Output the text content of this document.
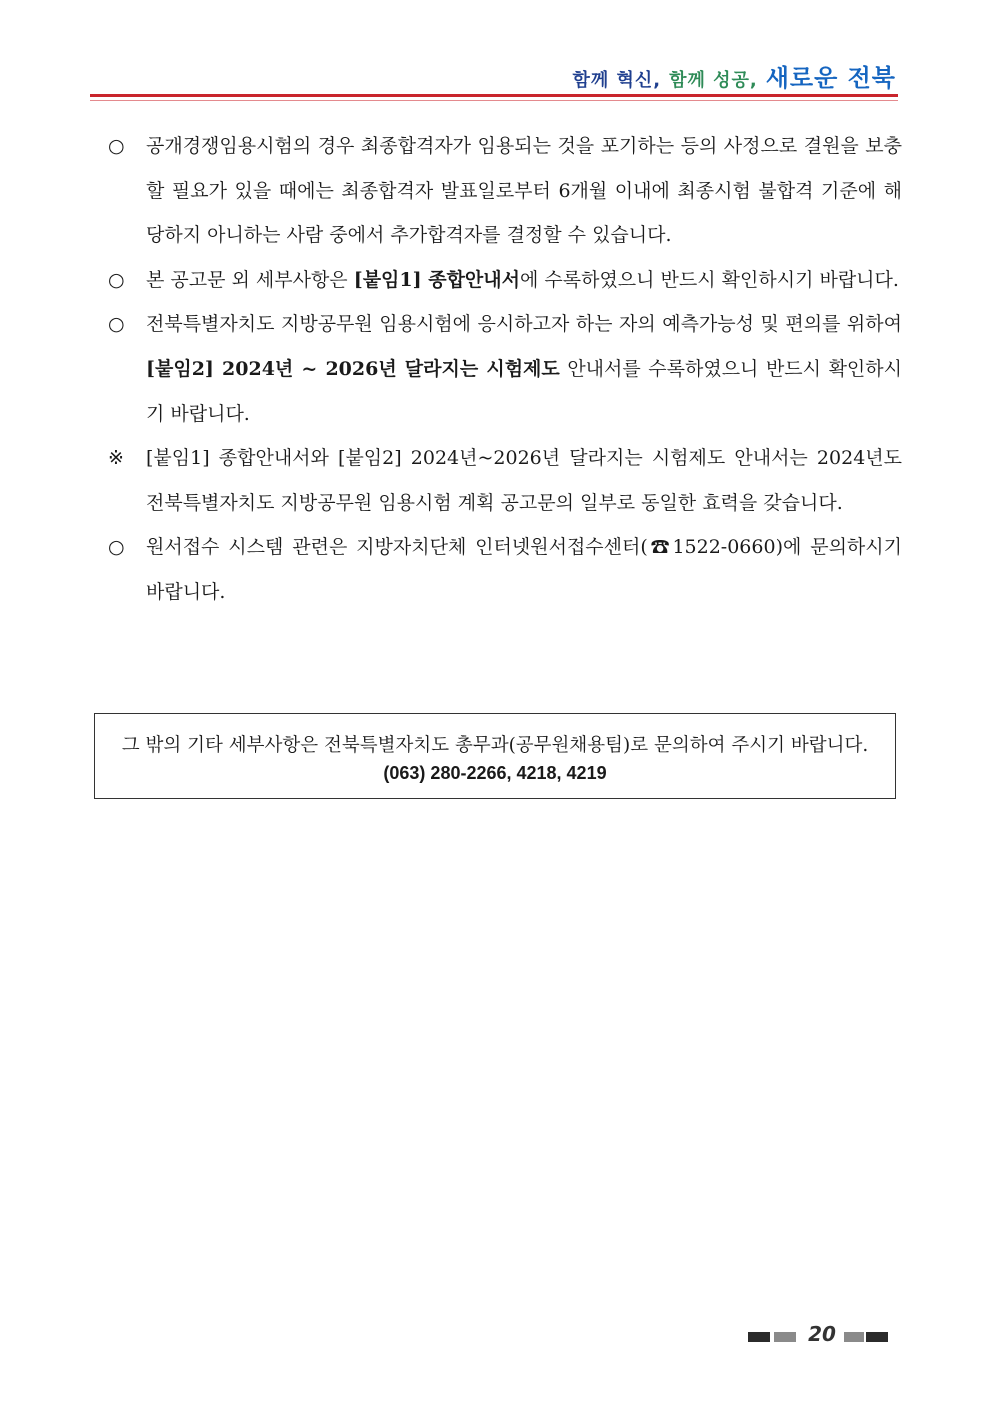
함께 혁신, 함께 성공, 새로운 전북
○	공개경쟁임용시험의 경우 최종합격자가 임용되는 것을 포기하는 등의 사정으로 결원을 보충할 필요가 있을 때에는 최종합격자 발표일로부터 6개월 이내에 최종시험 불합격 기준에 해당하지 아니하는 사람 중에서 추가합격자를 결정할 수 있습니다.
○	본 공고문 외 세부사항은 [붙임1] 종합안내서에 수록하였으니 반드시 확인하시기 바랍니다.
○	전북특별자치도 지방공무원 임용시험에 응시하고자 하는 자의 예측가능성 및 편의를 위하여 [붙임2] 2024년 ~ 2026년 달라지는 시험제도 안내서를 수록하였으니 반드시 확인하시기 바랍니다.
※	[붙임1] 종합안내서와 [붙임2] 2024년~2026년 달라지는 시험제도 안내서는 2024년도 전북특별자치도 지방공무원 임용시험 계획 공고문의 일부로 동일한 효력을 갖습니다.
○	원서접수 시스템 관련은 지방자치단체 인터넷원서접수센터(☎1522-0660)에 문의하시기 바랍니다.
그 밖의 기타 세부사항은 전북특별자치도 총무과(공무원채용팀)로 문의하여 주시기 바랍니다.
(063) 280-2266, 4218, 4219
20
